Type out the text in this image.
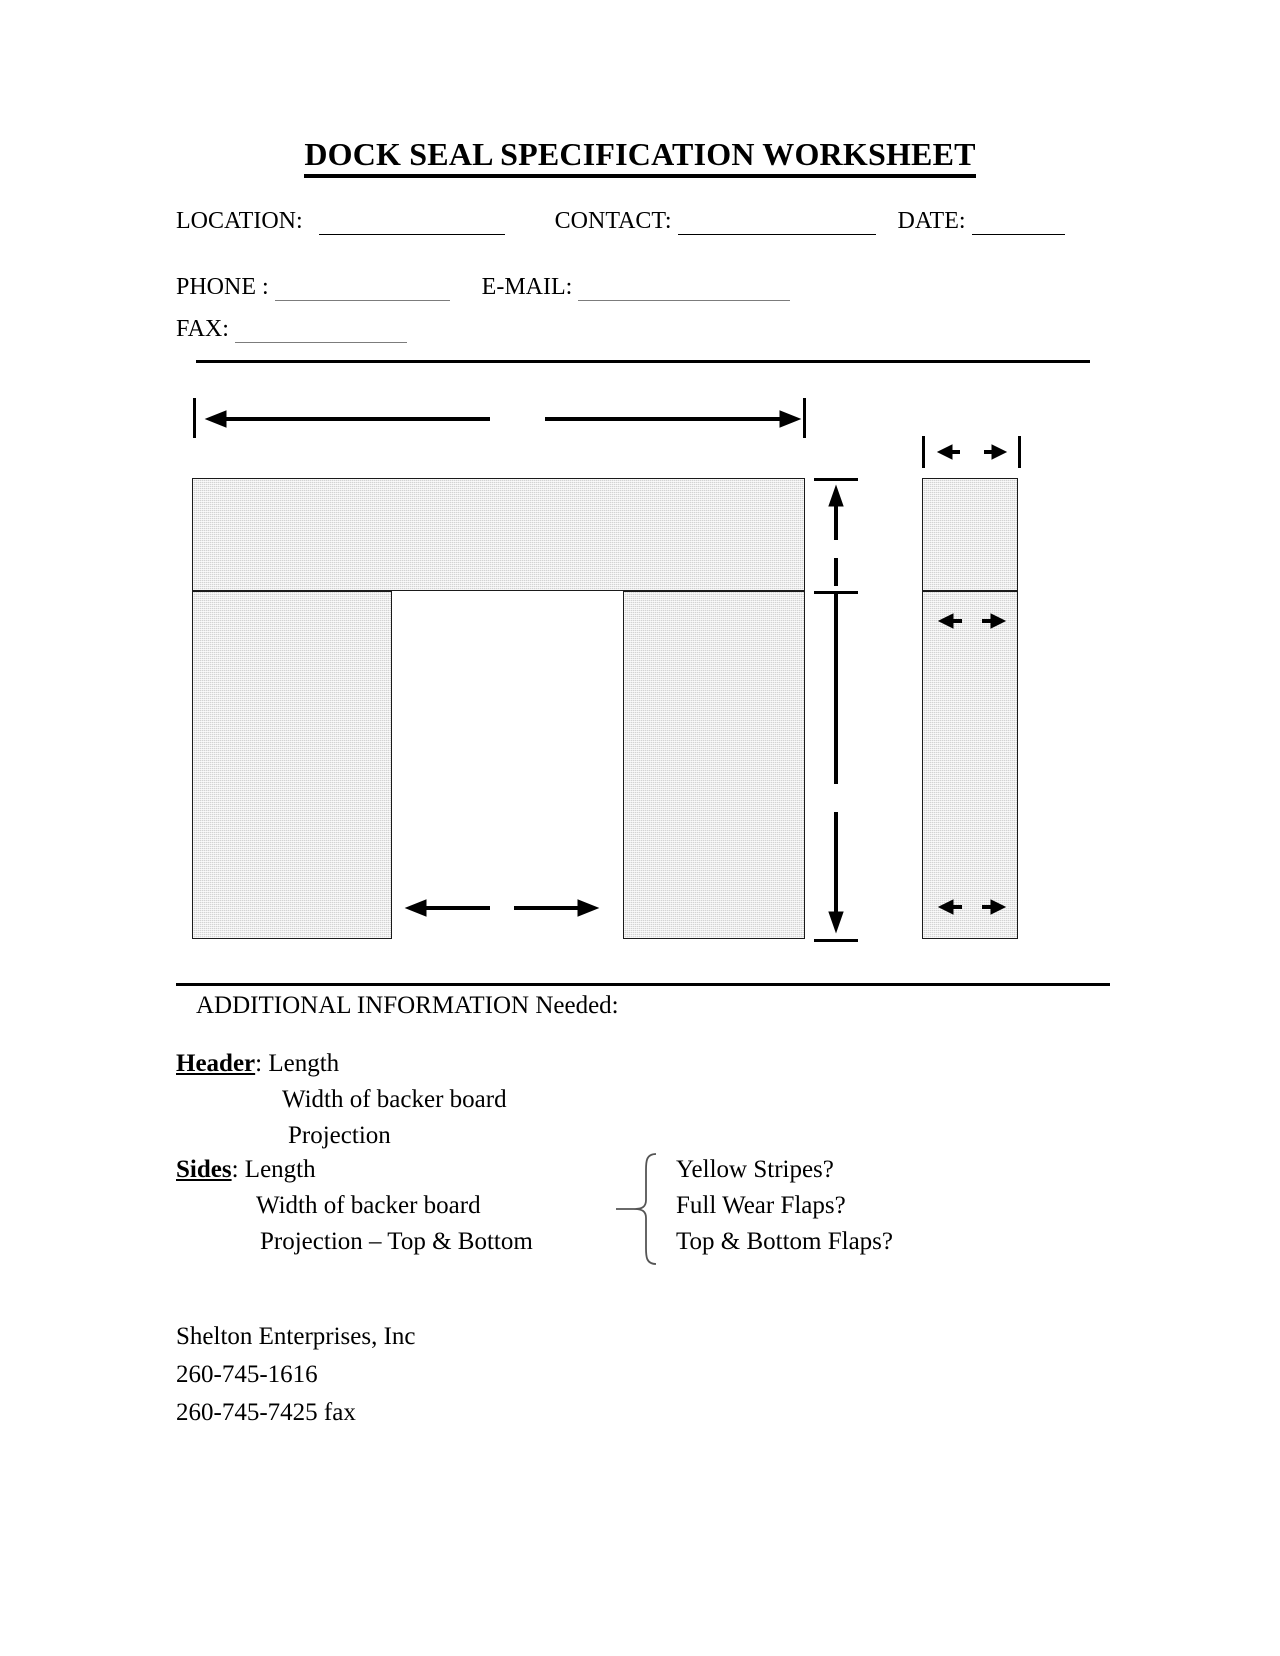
DOCK SEAL SPECIFICATION WORKSHEET
LOCATION:	CONTACT:	DATE:
PHONE :	E-MAIL:
FAX:
ADDITIONAL INFORMATION Needed:
Header: Length
Width of backer board
Projection
Sides: Length
Width of backer board
Projection – Top & Bottom
Yellow Stripes?
Full Wear Flaps?
Top & Bottom Flaps?
Shelton Enterprises, Inc
260-745-1616
260-745-7425 fax
